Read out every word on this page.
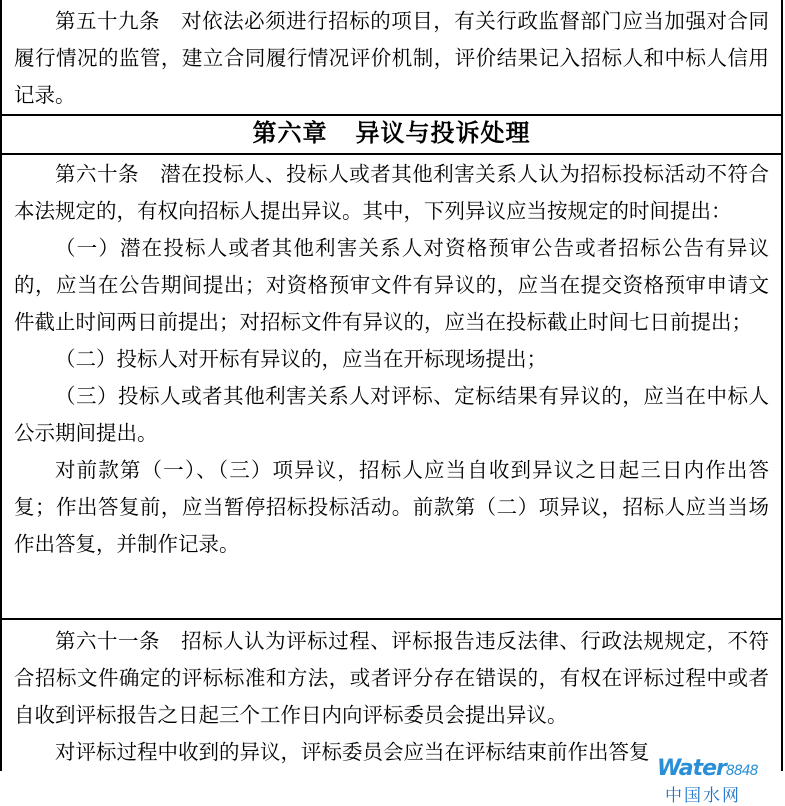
第五十九条　对依法必须进行招标的项目，有关行政监督部门应当加强对合同履行情况的监管，建立合同履行情况评价机制，评价结果记入招标人和中标人信用记录。

第六章 异议与投诉处理

第六十条　潜在投标人、投标人或者其他利害关系人认为招标投标活动不符合本法规定的，有权向招标人提出异议。其中，下列异议应当按规定的时间提出：

（一）潜在投标人或者其他利害关系人对资格预审公告或者招标公告有异议的，应当在公告期间提出；对资格预审文件有异议的，应当在提交资格预审申请文件截止时间两日前提出；对招标文件有异议的，应当在投标截止时间七日前提出；

（二）投标人对开标有异议的，应当在开标现场提出；

（三）投标人或者其他利害关系人对评标、定标结果有异议的，应当在中标人公示期间提出。

对前款第（一）、（三）项异议，招标人应当自收到异议之日起三日内作出答复；作出答复前，应当暂停招标投标活动。前款第（二）项异议，招标人应当当场作出答复，并制作记录。

第六十一条　招标人认为评标过程、评标报告违反法律、行政法规规定，不符合招标文件确定的评标标准和方法，或者评分存在错误的，有权在评标过程中或者自收到评标报告之日起三个工作日内向评标委员会提出异议。

对评标过程中收到的异议，评标委员会应当在评标结束前作出答复

Water8848
中国水网
